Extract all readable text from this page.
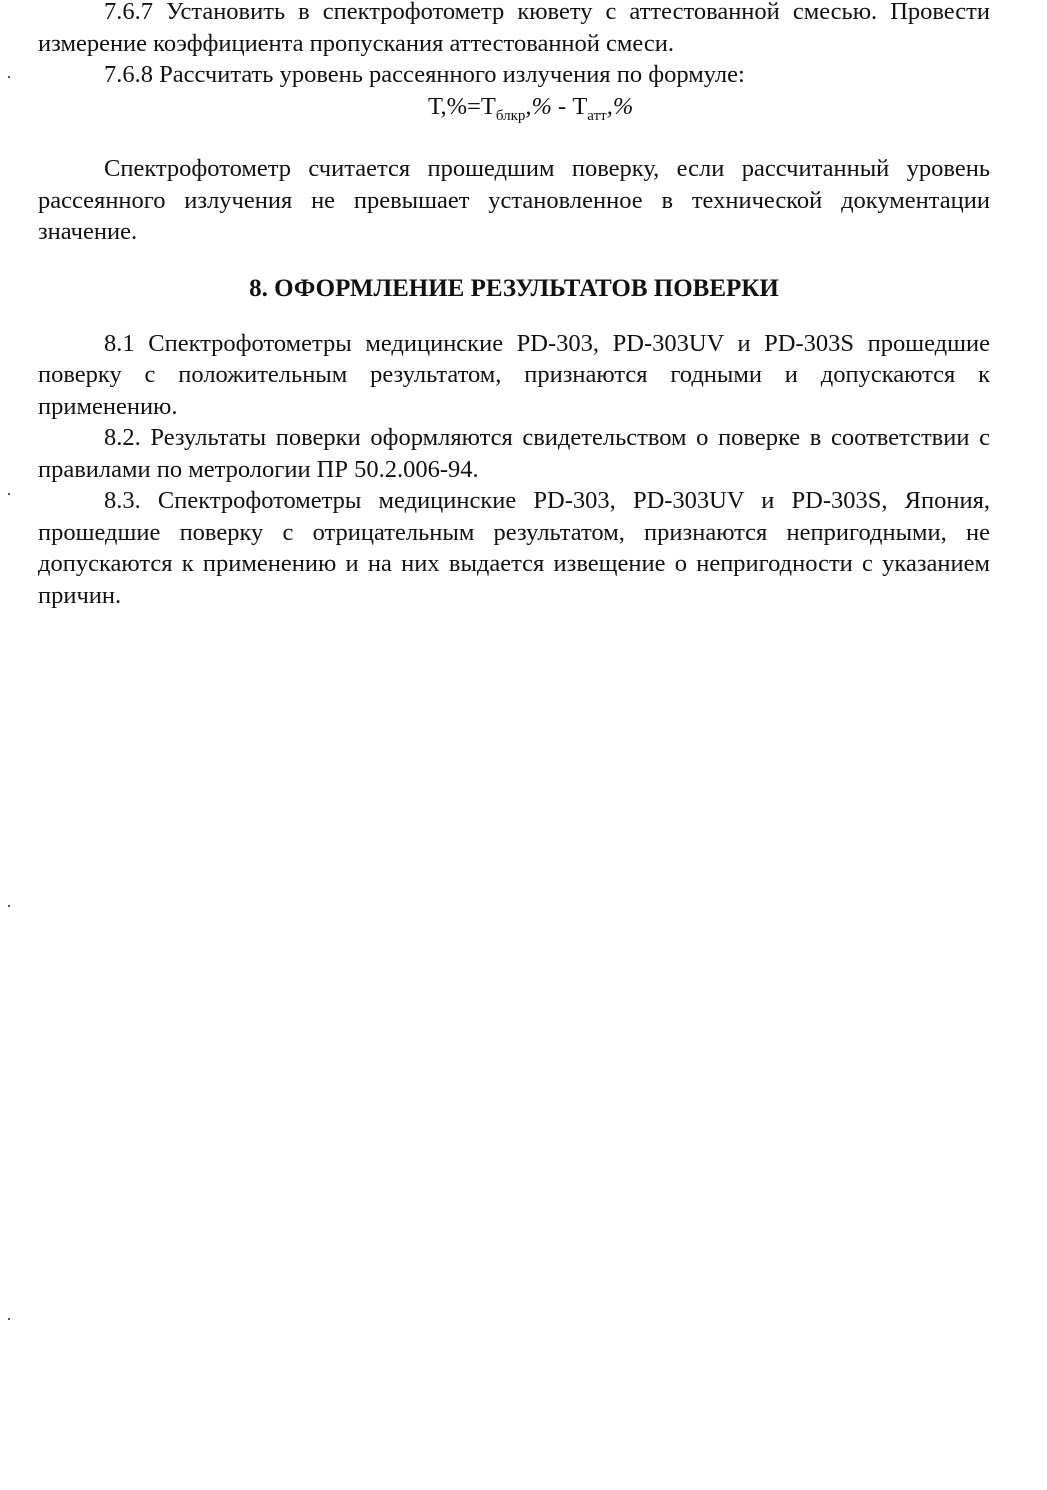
7.6.7 Установить в спектрофотометр кювету с аттестованной смесью. Провести измерение коэффициента пропускания аттестованной смеси.

7.6.8 Рассчитать уровень рассеянного излучения по формуле:

$Т,\%=Т_{блкр},\% - Т_{атт},\%$

Спектрофотометр считается прошедшим поверку, если рассчитанный уровень рассеянного излучения не превышает установленное в технической документации значение.

8. ОФОРМЛЕНИЕ РЕЗУЛЬТАТОВ ПОВЕРКИ

8.1 Спектрофотометры медицинские PD-303, PD-303UV и PD-303S прошедшие поверку с положительным результатом, признаются годными и допускаются к применению.

8.2. Результаты поверки оформляются свидетельством о поверке в соответствии с правилами по метрологии ПР 50.2.006-94.

8.3. Спектрофотометры медицинские PD-303, PD-303UV и PD-303S, Япония, прошедшие поверку с отрицательным результатом, признаются непригодными, не допускаются к применению и на них выдается извещение о непригодности с указанием причин.
